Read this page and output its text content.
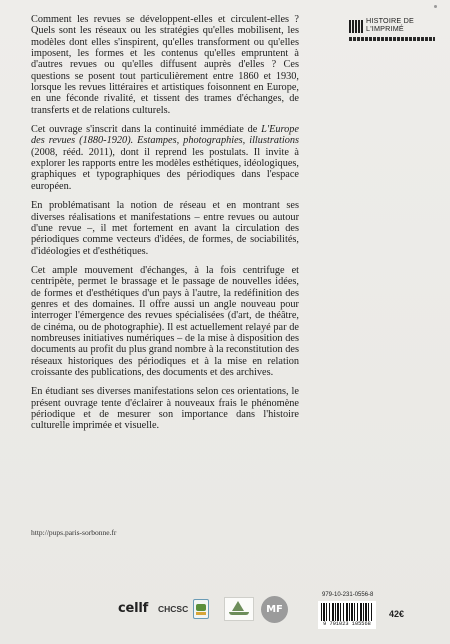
HISTOIRE DE
L'IMPRIMÉ

Comment les revues se développent-elles et circulent-elles ? Quels sont les réseaux ou les stratégies qu'elles mobilisent, les modèles dont elles s'inspirent, qu'elles transforment ou qu'elles imposent, les formes et les contenus qu'elles empruntent à d'autres revues ou qu'elles diffusent auprès d'elles ? Ces questions se posent tout particulièrement entre 1860 et 1930, lorsque les revues littéraires et artistiques foisonnent en Europe, en une féconde rivalité, et tissent des trames d'échanges, de transferts et de relations culturels.

Cet ouvrage s'inscrit dans la continuité immédiate de L'Europe des revues (1880-1920). Estampes, photographies, illustrations (2008, rééd. 2011), dont il reprend les postulats. Il invite à explorer les rapports entre les modèles esthétiques, idéologiques, graphiques et typographiques des périodiques dans l'espace européen.

En problématisant la notion de réseau et en montrant ses diverses réalisations et manifestations – entre revues ou autour d'une revue –, il met fortement en avant la circulation des périodiques comme vecteurs d'idées, de formes, de sociabilités, d'idéologies et d'esthétiques.

Cet ample mouvement d'échanges, à la fois centrifuge et centripète, permet le brassage et le passage de nouvelles idées, de formes et d'esthétiques d'un pays à l'autre, la redéfinition des genres et des domaines. Il offre aussi un angle nouveau pour interroger l'émergence des revues spécialisées (d'art, de théâtre, de cinéma, ou de photographie). Il est actuellement relayé par de nombreuses initiatives numériques – de la mise à disposition des documents au profit du plus grand nombre à la reconstitution des réseaux historiques des périodiques et à la mise en relation croissante des publications, des documents et des archives.

En étudiant ses diverses manifestations selon ces orientations, le présent ouvrage tente d'éclairer à nouveaux frais le phénomène périodique et de mesurer son importance dans l'histoire culturelle imprimée et visuelle.

http://pups.paris-sorbonne.fr
cellf CHCSC	MF
979-10-231-0556-8
9 791023 105568
42€
